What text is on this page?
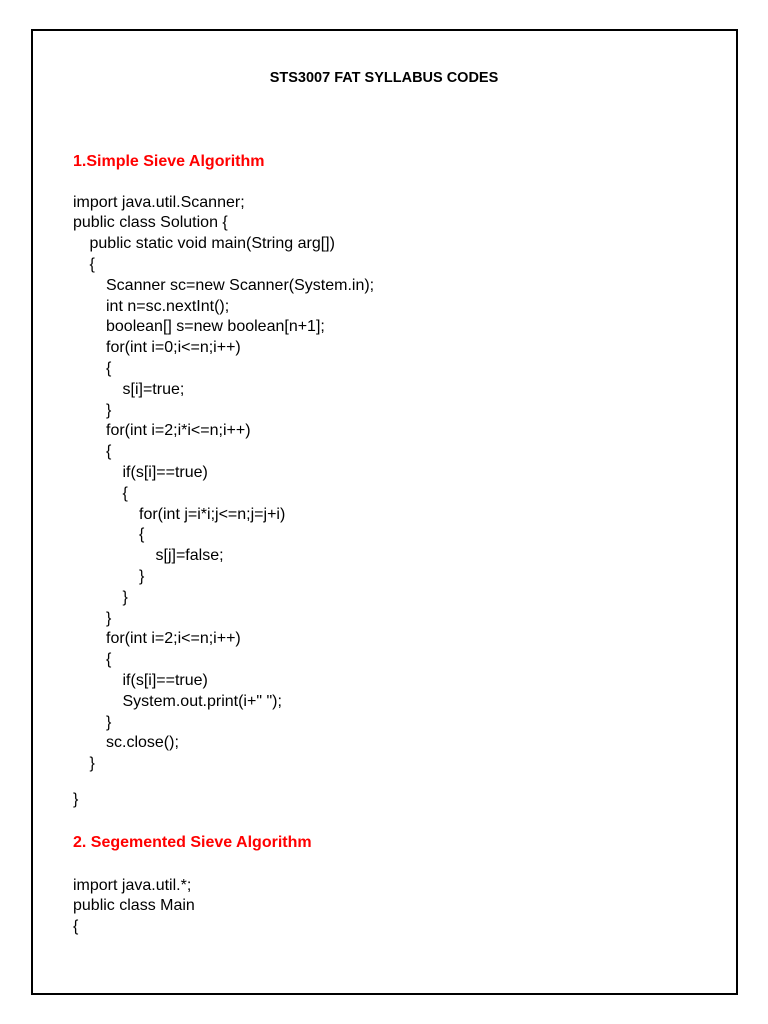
STS3007 FAT SYLLABUS CODES
1.Simple Sieve Algorithm
import java.util.Scanner;
public class Solution {
public static void main(String arg[])
{
Scanner sc=new Scanner(System.in);
int n=sc.nextInt();
boolean[] s=new boolean[n+1];
for(int i=0;i<=n;i++)
{
s[i]=true;
}
for(int i=2;i*i<=n;i++)
{
if(s[i]==true)
{
for(int j=i*i;j<=n;j=j+i)
{
s[j]=false;
}
}
}
for(int i=2;i<=n;i++)
{
if(s[i]==true)
System.out.print(i+" ");
}
sc.close();
}
}
2. Segemented Sieve Algorithm
import java.util.*;
public class Main
{
